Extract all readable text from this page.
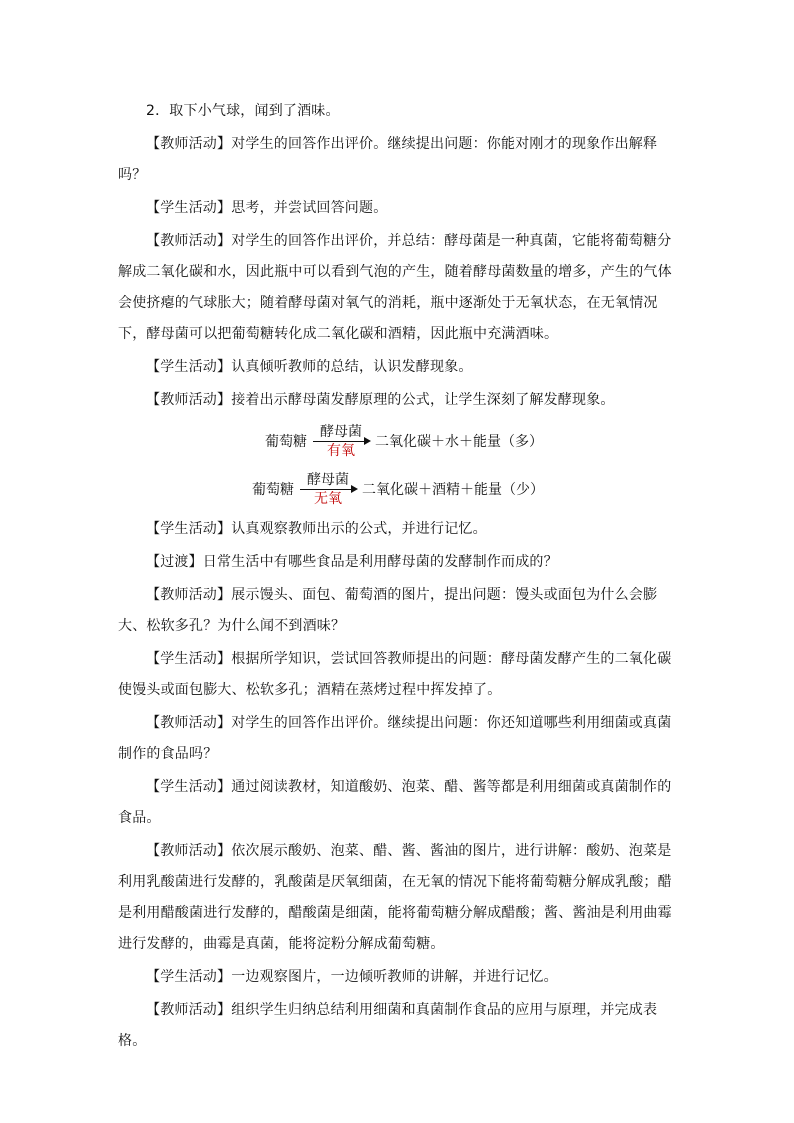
2．取下小气球，闻到了酒味。

【教师活动】对学生的回答作出评价。继续提出问题：你能对刚才的现象作出解释吗？

【学生活动】思考，并尝试回答问题。

【教师活动】对学生的回答作出评价，并总结：酵母菌是一种真菌，它能将葡萄糖分解成二氧化碳和水，因此瓶中可以看到气泡的产生，随着酵母菌数量的增多，产生的气体会使挤瘪的气球胀大；随着酵母菌对氧气的消耗，瓶中逐渐处于无氧状态，在无氧情况下，酵母菌可以把葡萄糖转化成二氧化碳和酒精，因此瓶中充满酒味。

【学生活动】认真倾听教师的总结，认识发酵现象。

【教师活动】接着出示酵母菌发酵原理的公式，让学生深刻了解发酵现象。

葡萄糖
酵母菌
有氧
二氧化碳＋水＋能量（多）
葡萄糖
酵母菌
无氧
二氧化碳＋酒精＋能量（少）

【学生活动】认真观察教师出示的公式，并进行记忆。

【过渡】日常生活中有哪些食品是利用酵母菌的发酵制作而成的？

【教师活动】展示馒头、面包、葡萄酒的图片，提出问题：馒头或面包为什么会膨大、松软多孔？为什么闻不到酒味？

【学生活动】根据所学知识，尝试回答教师提出的问题：酵母菌发酵产生的二氧化碳使馒头或面包膨大、松软多孔；酒精在蒸烤过程中挥发掉了。

【教师活动】对学生的回答作出评价。继续提出问题：你还知道哪些利用细菌或真菌制作的食品吗？

【学生活动】通过阅读教材，知道酸奶、泡菜、醋、酱等都是利用细菌或真菌制作的食品。

【教师活动】依次展示酸奶、泡菜、醋、酱、酱油的图片，进行讲解：酸奶、泡菜是利用乳酸菌进行发酵的，乳酸菌是厌氧细菌，在无氧的情况下能将葡萄糖分解成乳酸；醋是利用醋酸菌进行发酵的，醋酸菌是细菌，能将葡萄糖分解成醋酸；酱、酱油是利用曲霉进行发酵的，曲霉是真菌，能将淀粉分解成葡萄糖。

【学生活动】一边观察图片，一边倾听教师的讲解，并进行记忆。

【教师活动】组织学生归纳总结利用细菌和真菌制作食品的应用与原理，并完成表格。
